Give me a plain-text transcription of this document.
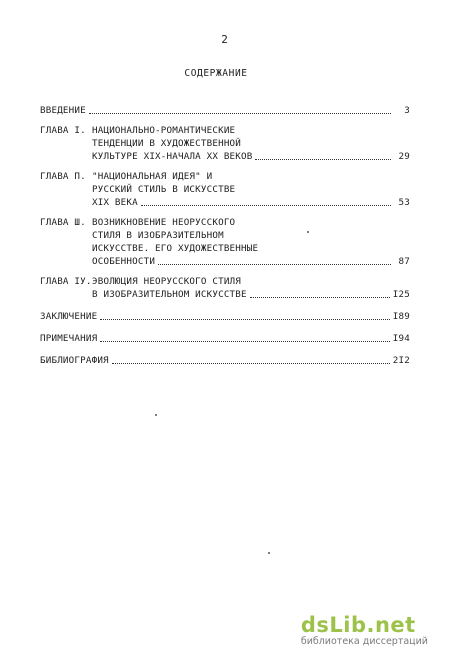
2
СОДЕРЖАНИЕ
ВВЕДЕНИЕ	3
ГЛАВА I. НАЦИОНАЛЬНО-РОМАНТИЧЕСКИЕ
ТЕНДЕНЦИИ В ХУДОЖЕСТВЕННОЙ
КУЛЬТУРЕ XIX-НАЧАЛА XX ВЕКОВ	29
ГЛАВА П. "НАЦИОНАЛЬНАЯ ИДЕЯ" И
РУССКИЙ СТИЛЬ В ИСКУССТВЕ
XIX ВЕКА	53
ГЛАВА Ш. ВОЗНИКНОВЕНИЕ НЕОРУССКОГО
СТИЛЯ В ИЗОБРАЗИТЕЛЬНОМ
ИСКУССТВЕ. ЕГО ХУДОЖЕСТВЕННЫЕ
ОСОБЕННОСТИ	87
ГЛАВА IУ. ЭВОЛЮЦИЯ НЕОРУССКОГО СТИЛЯ
В ИЗОБРАЗИТЕЛЬНОМ ИСКУССТВЕ	I25
ЗАКЛЮЧЕНИЕ	I89
ПРИМЕЧАНИЯ	I94
БИБЛИОГРАФИЯ	2I2
dsLib.net
библиотека диссертаций
